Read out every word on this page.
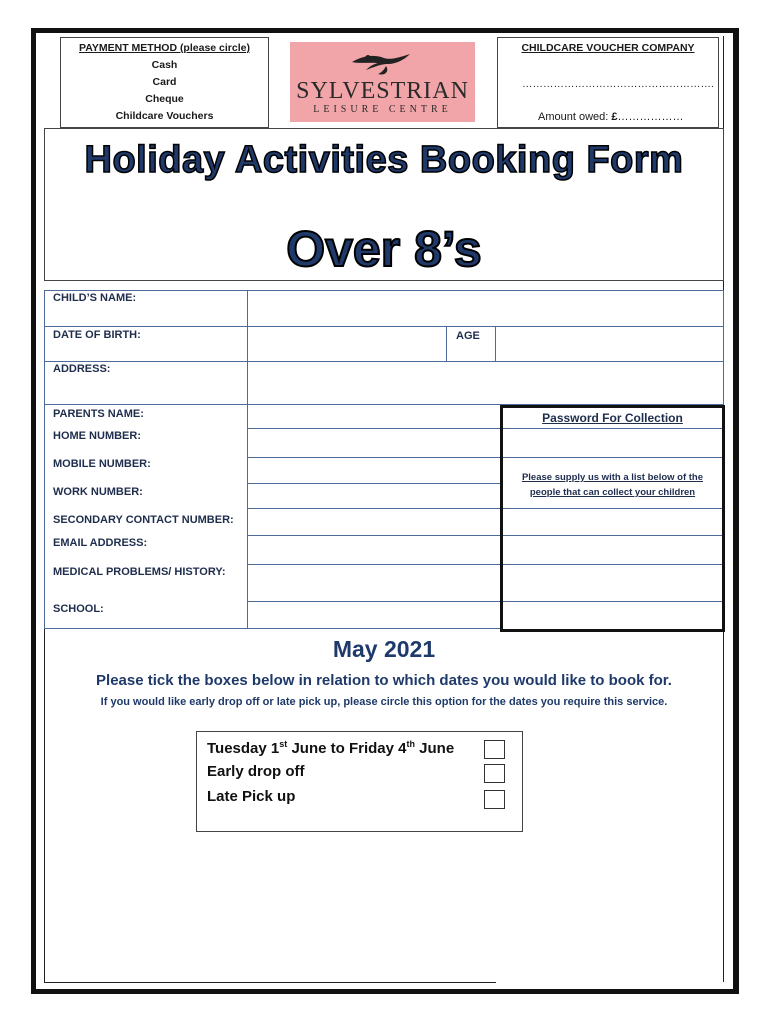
PAYMENT METHOD (please circle)
Cash
Card
Cheque
Childcare Vouchers
SYLVESTRIAN
LEISURE CENTRE
CHILDCARE VOUCHER COMPANY
……………………………………………….
Amount owed: £………………
Holiday Activities Booking Form
Over 8’s
CHILD’S NAME:
DATE OF BIRTH:	AGE
ADDRESS:
PARENTS NAME:
HOME NUMBER:
MOBILE NUMBER:
WORK NUMBER:
SECONDARY CONTACT NUMBER:
EMAIL ADDRESS:
MEDICAL PROBLEMS/ HISTORY:
SCHOOL:
Password For Collection
Please supply us with a list below of the
people that can collect your children
May 2021
Please tick the boxes below in relation to which dates you would like to book for.
If you would like early drop off or late pick up, please circle this option for the dates you require this service.
Tuesday 1st June to Friday 4th June
Early drop off
Late Pick up
